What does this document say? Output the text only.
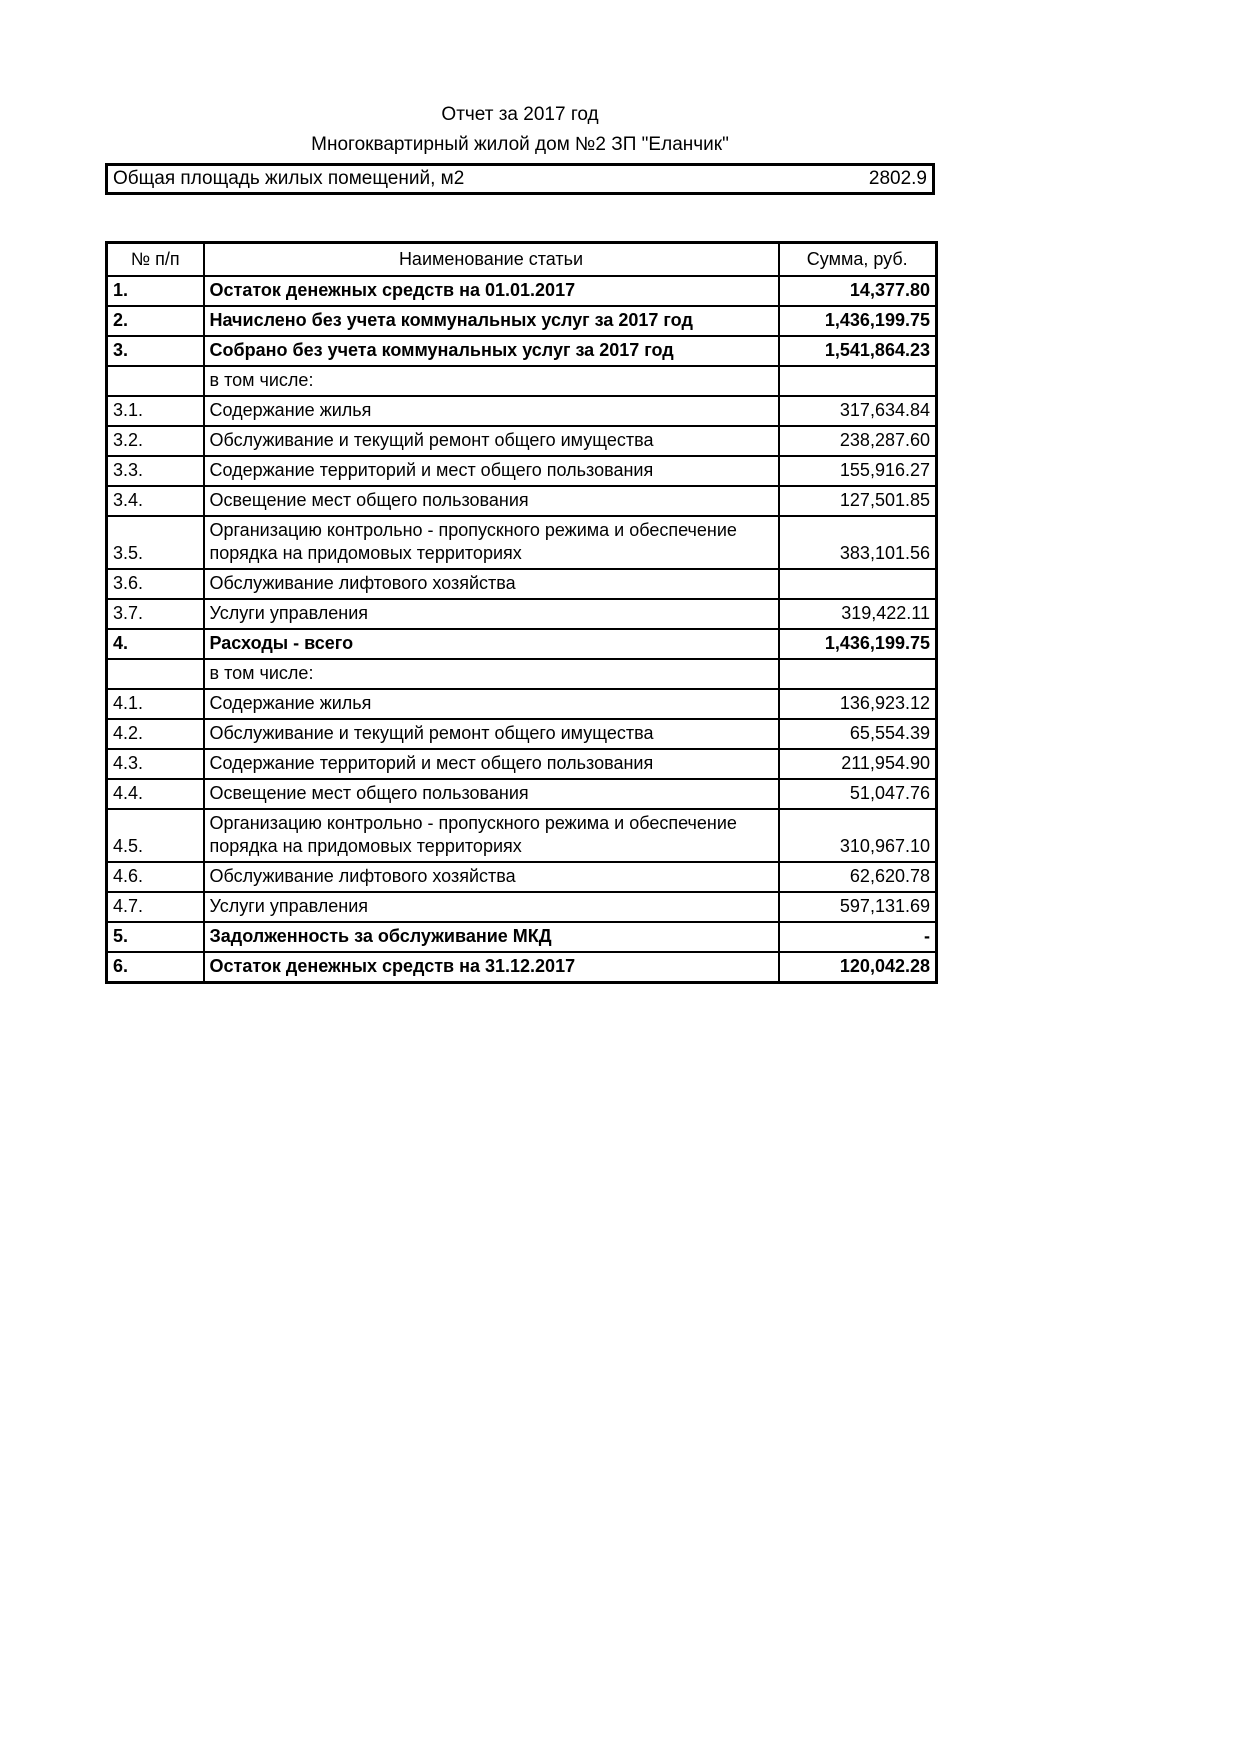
Отчет за 2017 год
Многоквартирный жилой дом №2 ЗП "Еланчик"
Общая площадь жилых помещений, м2	2802.9
№ п/п	Наименование статьи	Сумма, руб.
1.	Остаток денежных средств на 01.01.2017	14,377.80
2.	Начислено без учета коммунальных услуг за 2017 год	1,436,199.75
3.	Собрано без учета коммунальных услуг за 2017 год	1,541,864.23
	в том числе:	
3.1.	Содержание жилья	317,634.84
3.2.	Обслуживание и текущий ремонт общего имущества	238,287.60
3.3.	Содержание территорий и мест общего пользования	155,916.27
3.4.	Освещение мест общего пользования	127,501.85
3.5.	Организацию контрольно - пропускного режима и обеспечение порядка на придомовых территориях	383,101.56
3.6.	Обслуживание лифтового хозяйства	
3.7.	Услуги управления	319,422.11
4.	Расходы - всего	1,436,199.75
	в том числе:	
4.1.	Содержание жилья	136,923.12
4.2.	Обслуживание и текущий ремонт общего имущества	65,554.39
4.3.	Содержание территорий и мест общего пользования	211,954.90
4.4.	Освещение мест общего пользования	51,047.76
4.5.	Организацию контрольно - пропускного режима и обеспечение порядка на придомовых территориях	310,967.10
4.6.	Обслуживание лифтового хозяйства	62,620.78
4.7.	Услуги управления	597,131.69
5.	Задолженность за обслуживание МКД	-
6.	Остаток денежных средств на 31.12.2017	120,042.28
